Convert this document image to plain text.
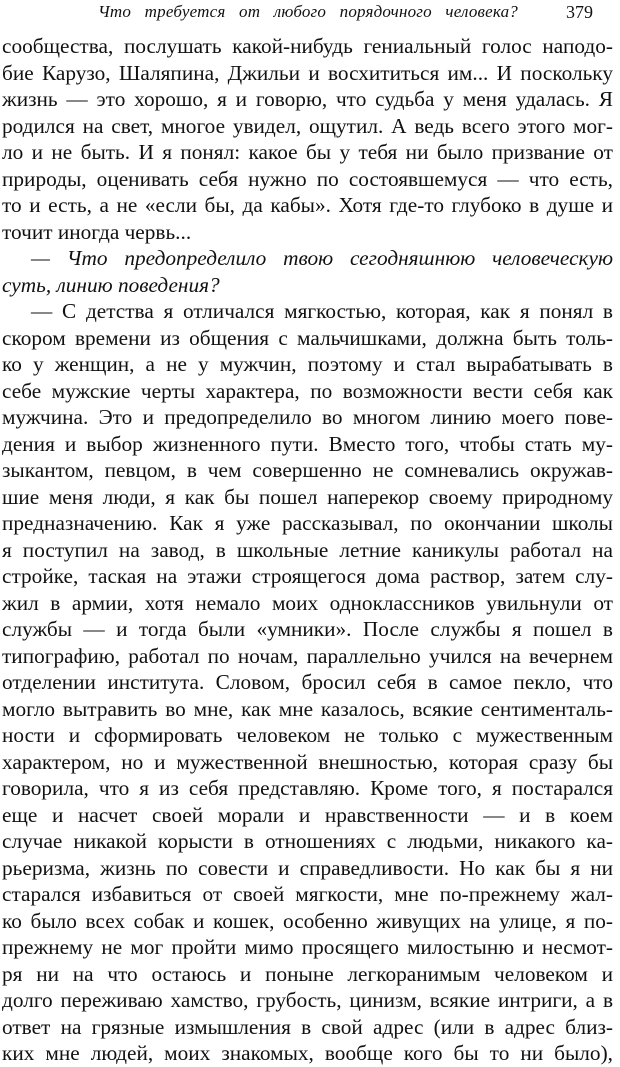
Что требуется от любого порядочного человека?	379
сообщества, послушать какой-нибудь гениальный голос наподо-
бие Карузо, Шаляпина, Джильи и восхититься им... И поскольку
жизнь — это хорошо, я и говорю, что судьба у меня удалась. Я
родился на свет, многое увидел, ощутил. А ведь всего этого мог-
ло и не быть. И я понял: какое бы у тебя ни было призвание от
природы, оценивать себя нужно по состоявшемуся — что есть,
то и есть, а не «если бы, да кабы». Хотя где-то глубоко в душе и
точит иногда червь...
— Что предопределило твою сегодняшнюю человеческую
суть, линию поведения?
— С детства я отличался мягкостью, которая, как я понял в
скором времени из общения с мальчишками, должна быть толь-
ко у женщин, а не у мужчин, поэтому и стал вырабатывать в
себе мужские черты характера, по возможности вести себя как
мужчина. Это и предопределило во многом линию моего пове-
дения и выбор жизненного пути. Вместо того, чтобы стать му-
зыкантом, певцом, в чем совершенно не сомневались окружав-
шие меня люди, я как бы пошел наперекор своему природному
предназначению. Как я уже рассказывал, по окончании школы
я поступил на завод, в школьные летние каникулы работал на
стройке, таская на этажи строящегося дома раствор, затем слу-
жил в армии, хотя немало моих одноклассников увильнули от
службы — и тогда были «умники». После службы я пошел в
типографию, работал по ночам, параллельно учился на вечернем
отделении института. Словом, бросил себя в самое пекло, что
могло вытравить во мне, как мне казалось, всякие сентименталь-
ности и сформировать человеком не только с мужественным
характером, но и мужественной внешностью, которая сразу бы
говорила, что я из себя представляю. Кроме того, я постарался
еще и насчет своей морали и нравственности — и в коем
случае никакой корысти в отношениях с людьми, никакого ка-
рьеризма, жизнь по совести и справедливости. Но как бы я ни
старался избавиться от своей мягкости, мне по-прежнему жал-
ко было всех собак и кошек, особенно живущих на улице, я по-
прежнему не мог пройти мимо просящего милостыню и несмот-
ря ни на что остаюсь и поныне легкоранимым человеком и
долго переживаю хамство, грубость, цинизм, всякие интриги, а в
ответ на грязные измышления в свой адрес (или в адрес близ-
ких мне людей, моих знакомых, вообще кого бы то ни было),
